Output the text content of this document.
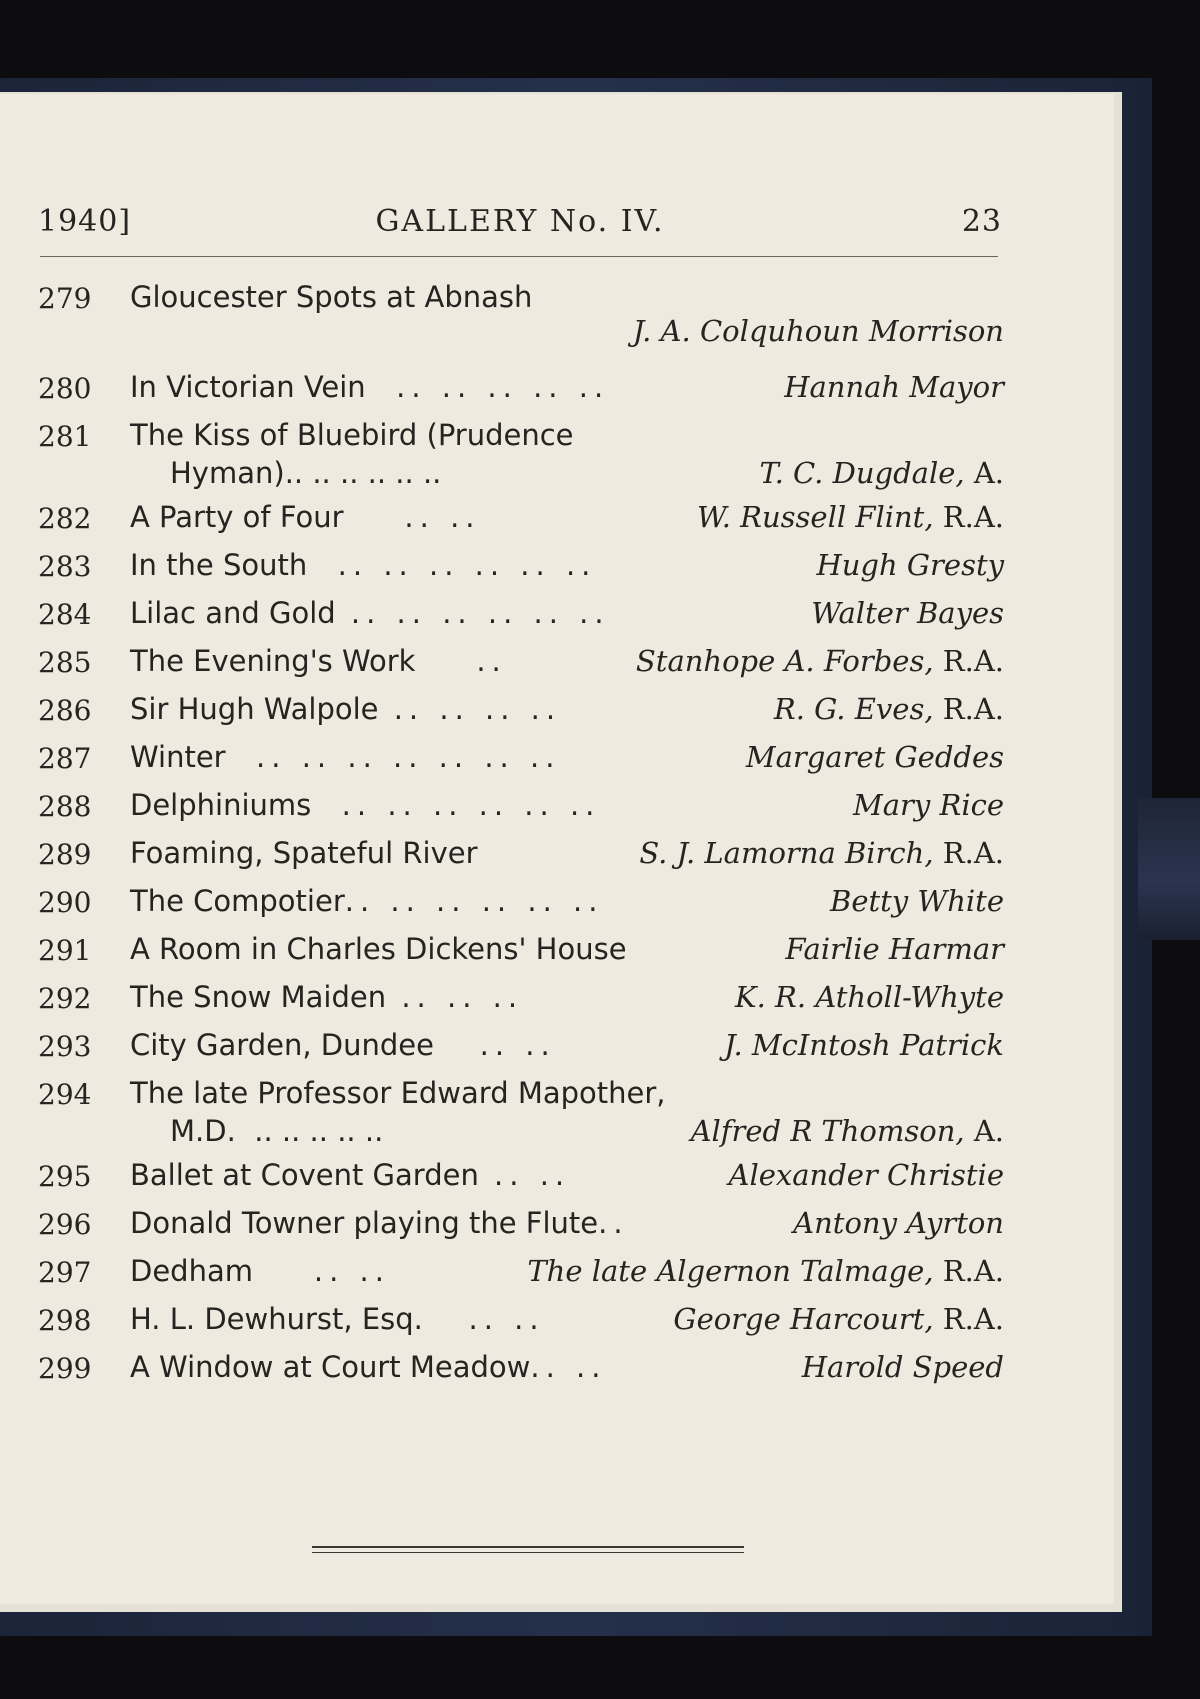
1940]	GALLERY No. IV.	23
279	Gloucester Spots at Abnash
J. A. Colquhoun Morrison
280	In Victorian Vein  .. .. .. .. ..	Hannah Mayor
281	The Kiss of Bluebird (Prudence
Hyman).. .. .. .. .. ..	T. C. Dugdale, A.
282	A Party of Four    .. ..	W. Russell Flint, R.A.
283	In the South  .. .. .. .. .. ..	Hugh Gresty
284	Lilac and Gold .. .. .. .. .. ..	Walter Bayes
285	The Evening's Work    ..	Stanhope A. Forbes, R.A.
286	Sir Hugh Walpole .. .. .. ..	R. G. Eves, R.A.
287	Winter  .. .. .. .. .. .. ..	Margaret Geddes
288	Delphiniums  .. .. .. .. .. ..	Mary Rice
289	Foaming, Spateful River	S. J. Lamorna Birch, R.A.
290	The Compotier.. .. .. .. .. ..	Betty White
291	A Room in Charles Dickens' House	Fairlie Harmar
292	The Snow Maiden .. .. ..	K. R. Atholl-Whyte
293	City Garden, Dundee   .. ..	J. McIntosh Patrick
294	The late Professor Edward Mapother,
M.D.  .. .. .. .. ..	Alfred R Thomson, A.
295	Ballet at Covent Garden .. ..	Alexander Christie
296	Donald Towner playing the Flute..	Antony Ayrton
297	Dedham    .. ..	The late Algernon Talmage, R.A.
298	H. L. Dewhurst, Esq.   .. ..	George Harcourt, R.A.
299	A Window at Court Meadow.. ..	Harold Speed
